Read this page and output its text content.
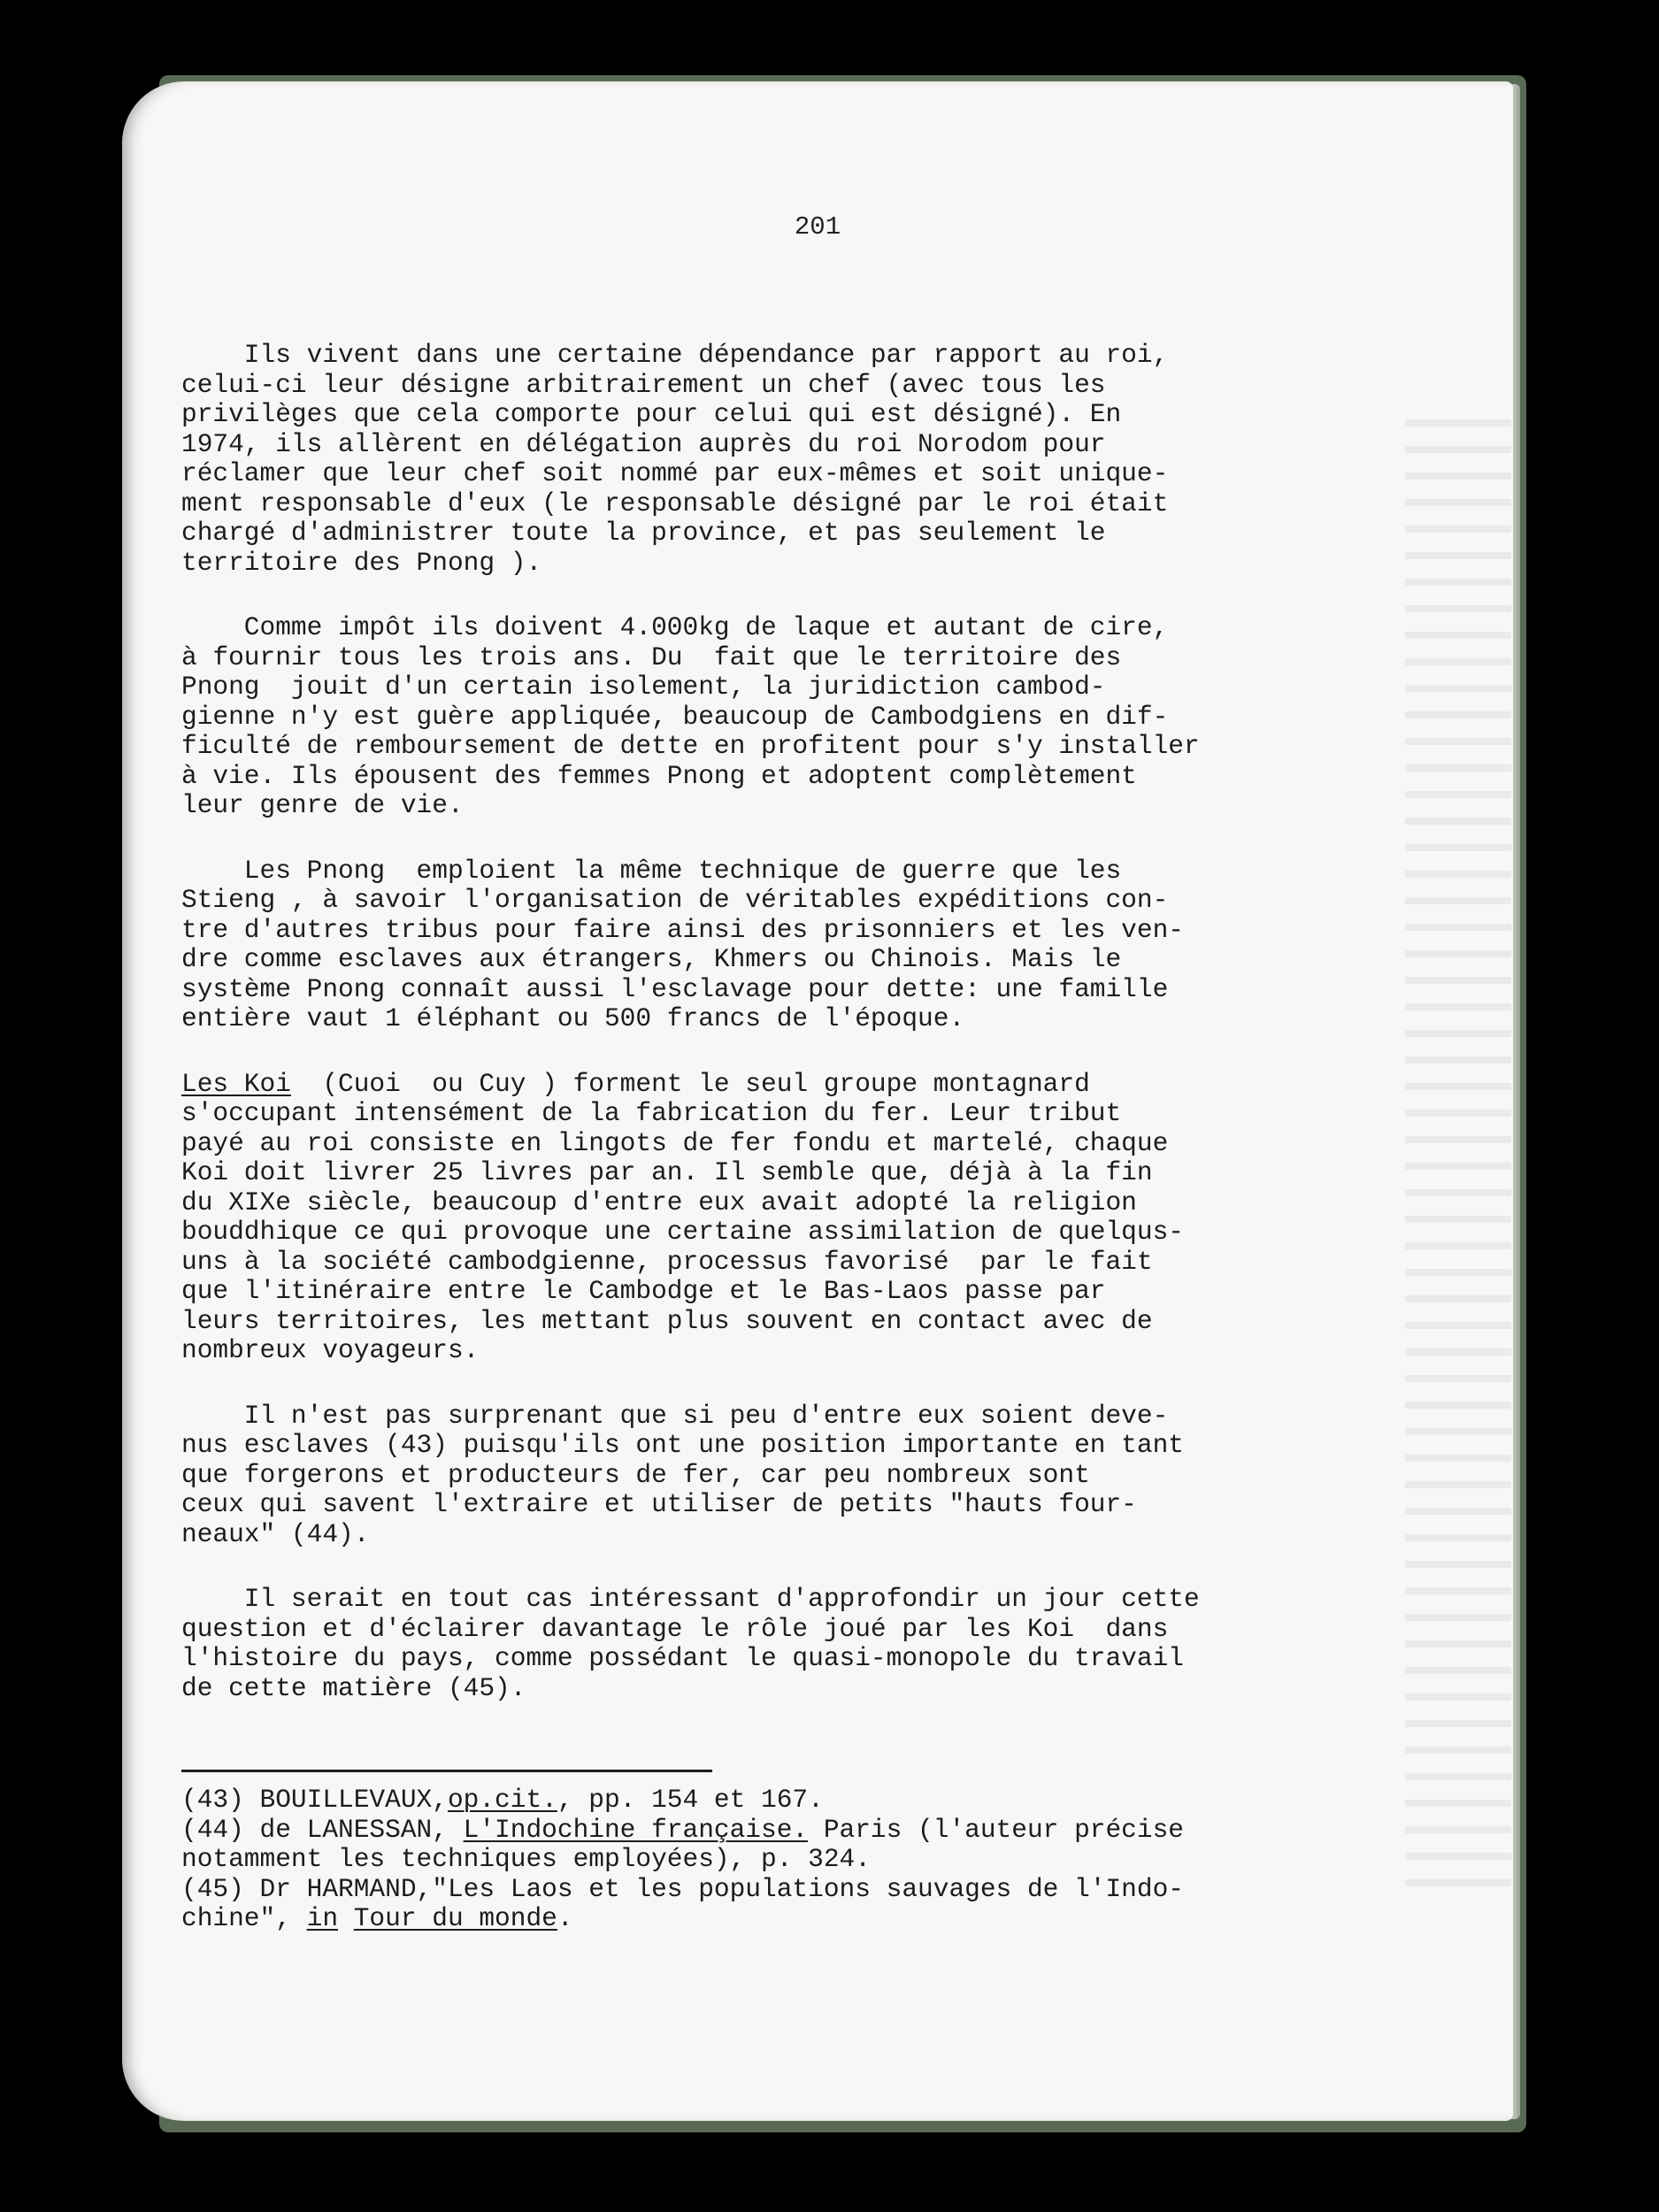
201

Ils vivent dans une certaine dépendance par rapport au roi,
celui-ci leur désigne arbitrairement un chef (avec tous les
privilèges que cela comporte pour celui qui est désigné). En
1974, ils allèrent en délégation auprès du roi Norodom pour
réclamer que leur chef soit nommé par eux-mêmes et soit unique-
ment responsable d'eux (le responsable désigné par le roi était
chargé d'administrer toute la province, et pas seulement le
territoire des Pnong ).

Comme impôt ils doivent 4.000kg de laque et autant de cire,
à fournir tous les trois ans. Du  fait que le territoire des
Pnong  jouit d'un certain isolement, la juridiction cambod-
gienne n'y est guère appliquée, beaucoup de Cambodgiens en dif-
ficulté de remboursement de dette en profitent pour s'y installer
à vie. Ils épousent des femmes Pnong et adoptent complètement
leur genre de vie.

Les Pnong  emploient la même technique de guerre que les
Stieng , à savoir l'organisation de véritables expéditions con-
tre d'autres tribus pour faire ainsi des prisonniers et les ven-
dre comme esclaves aux étrangers, Khmers ou Chinois. Mais le
système Pnong connaît aussi l'esclavage pour dette: une famille
entière vaut 1 éléphant ou 500 francs de l'époque.

Les Koi  (Cuoi  ou Cuy ) forment le seul groupe montagnard
s'occupant intensément de la fabrication du fer. Leur tribut
payé au roi consiste en lingots de fer fondu et martelé, chaque
Koi doit livrer 25 livres par an. Il semble que, déjà à la fin
du XIXe siècle, beaucoup d'entre eux avait adopté la religion
bouddhique ce qui provoque une certaine assimilation de quelqus-
uns à la société cambodgienne, processus favorisé  par le fait
que l'itinéraire entre le Cambodge et le Bas-Laos passe par
leurs territoires, les mettant plus souvent en contact avec de
nombreux voyageurs.

Il n'est pas surprenant que si peu d'entre eux soient deve-
nus esclaves (43) puisqu'ils ont une position importante en tant
que forgerons et producteurs de fer, car peu nombreux sont
ceux qui savent l'extraire et utiliser de petits "hauts four-
neaux" (44).

Il serait en tout cas intéressant d'approfondir un jour cette
question et d'éclairer davantage le rôle joué par les Koi  dans
l'histoire du pays, comme possédant le quasi-monopole du travail
de cette matière (45).

(43) BOUILLEVAUX,op.cit., pp. 154 et 167.

(44) de LANESSAN, L'Indochine française. Paris (l'auteur précise
notamment les techniques employées), p. 324.

(45) Dr HARMAND,"Les Laos et les populations sauvages de l'Indo-
chine", in Tour du monde.
